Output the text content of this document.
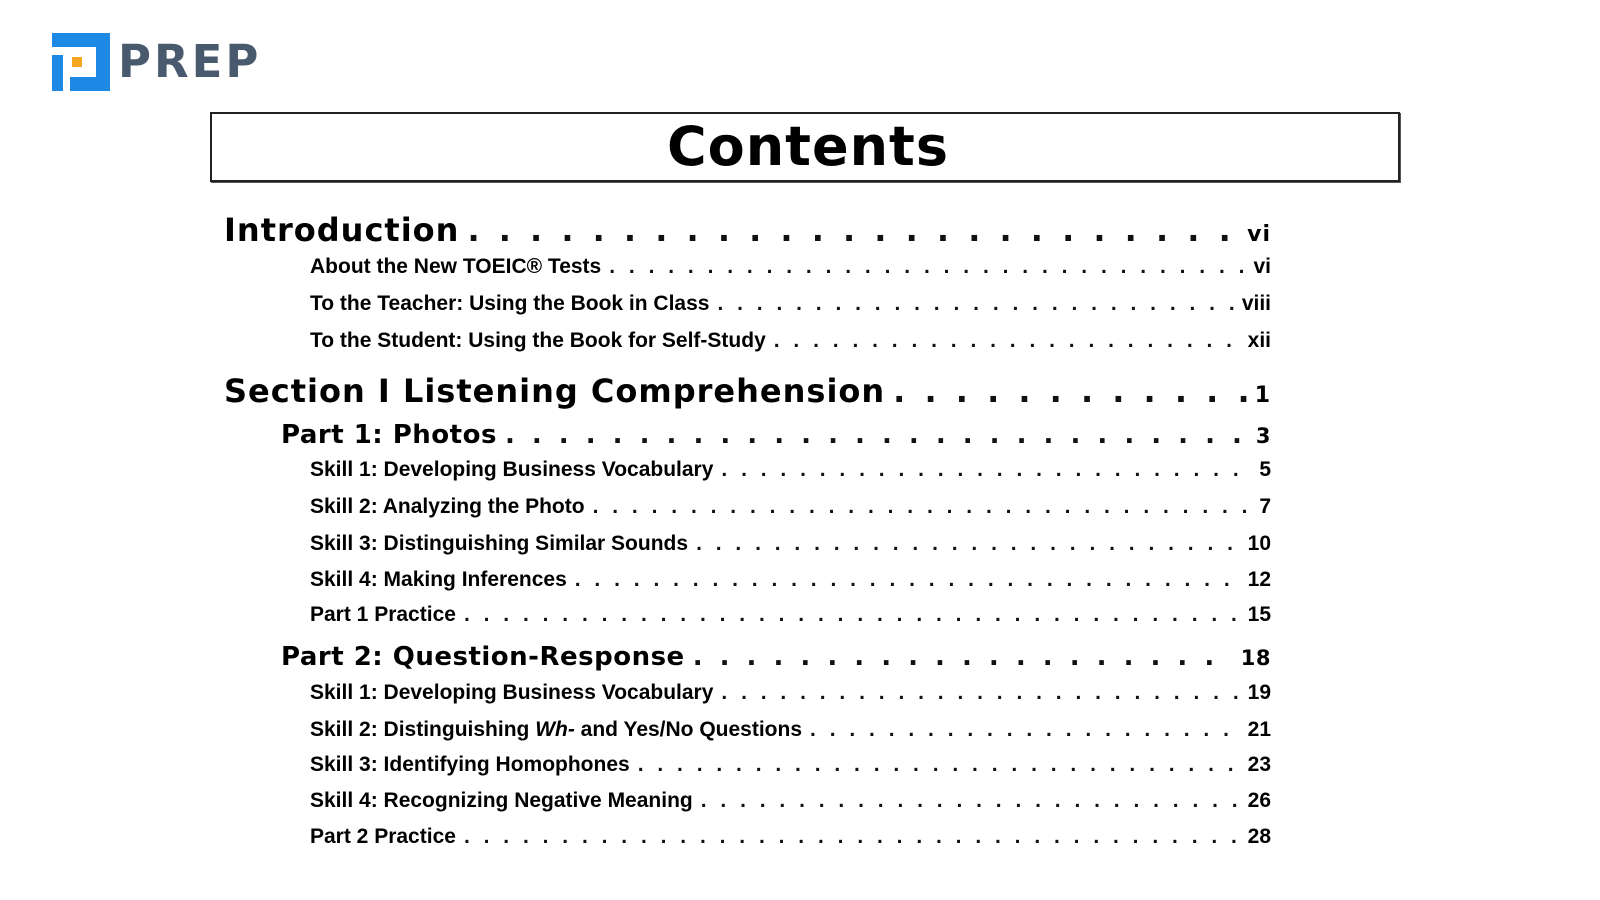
PREP
Contents
Introduction . . .	vi
About the New TOEIC® Tests . . .	vi
To the Teacher: Using the Book in Class . . .	viii
To the Student: Using the Book for Self-Study . . .	xii
Section I Listening Comprehension . . .	1
Part 1: Photos . . .	3
Skill 1: Developing Business Vocabulary . . .	5
Skill 2: Analyzing the Photo . . .	7
Skill 3: Distinguishing Similar Sounds . . .	10
Skill 4: Making Inferences . . .	12
Part 1 Practice . . .	15
Part 2: Question-Response . . .	18
Skill 1: Developing Business Vocabulary . . .	19
Skill 2: Distinguishing Wh- and Yes/No Questions . . .	21
Skill 3: Identifying Homophones . . .	23
Skill 4: Recognizing Negative Meaning . . .	26
Part 2 Practice . . .	28
